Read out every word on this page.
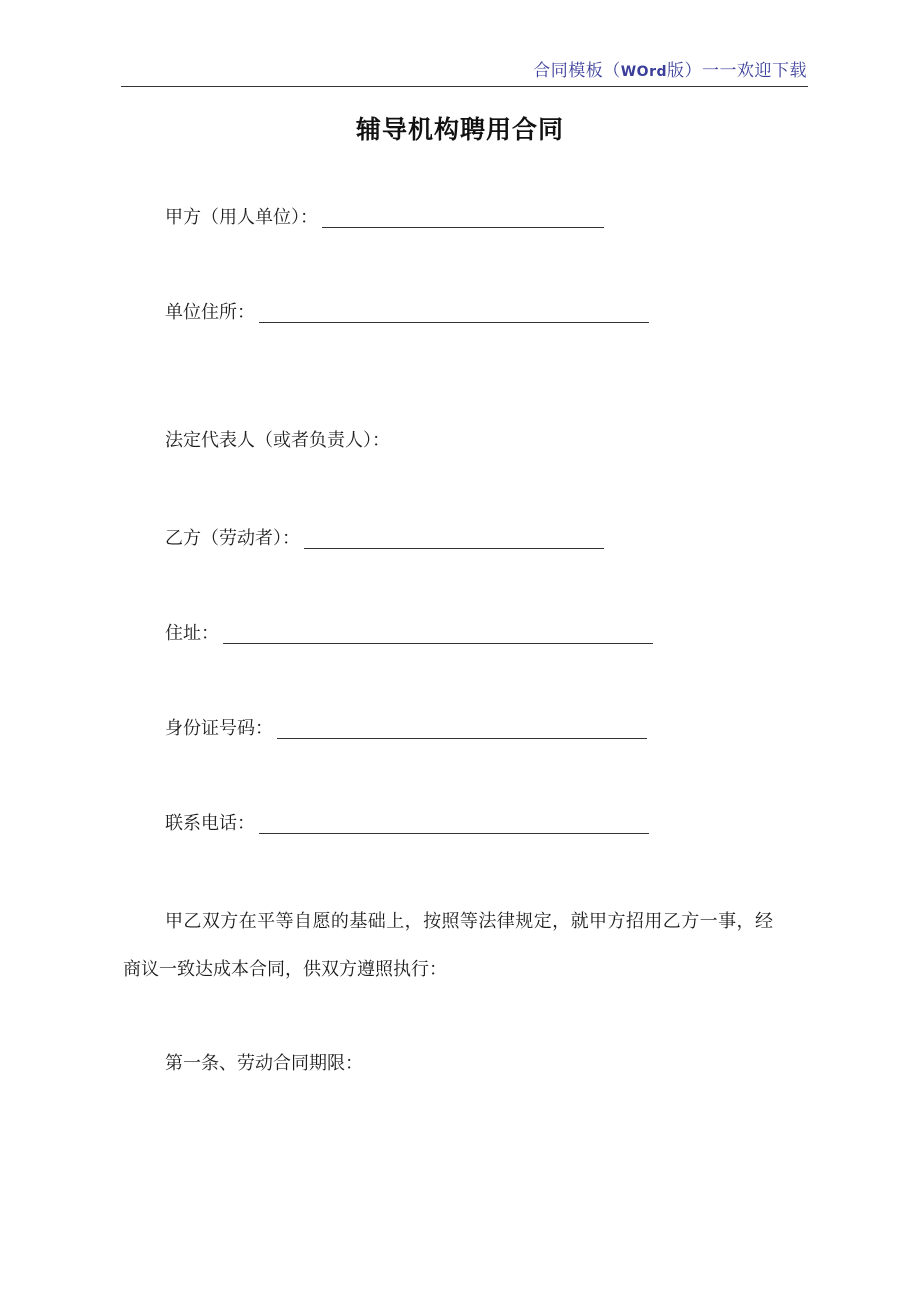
合同模板（WOrd版）一一欢迎下载
辅导机构聘用合同
甲方（用人单位）：
单位住所：
法定代表人（或者负责人）：
乙方（劳动者）：
住址：
身份证号码：
联系电话：
甲乙双方在平等自愿的基础上，按照等法律规定，就甲方招用乙方一事，经商议一致达成本合同，供双方遵照执行：
第一条、劳动合同期限：
